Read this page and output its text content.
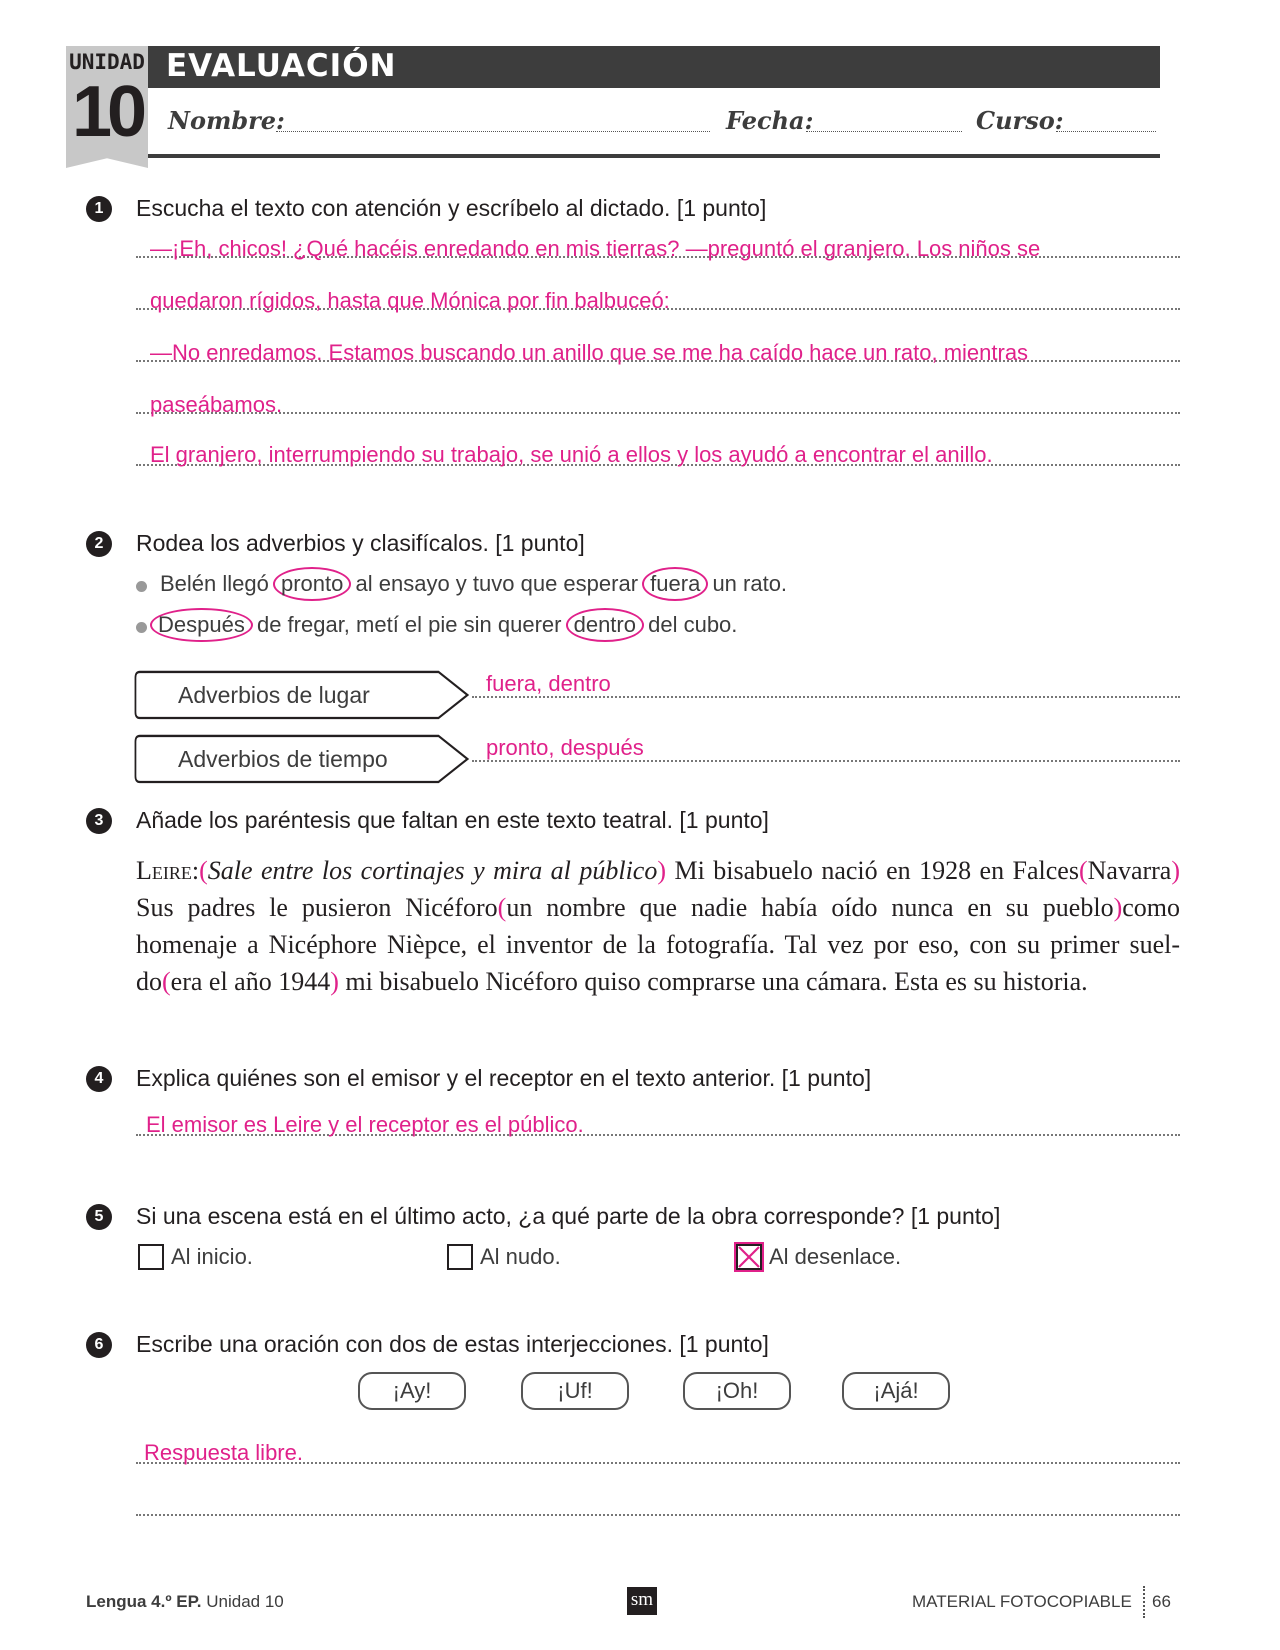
UNIDAD
10
EVALUACIÓN
Nombre:	Fecha:	Curso:
1	Escucha el texto con atención y escríbelo al dictado. [1 punto]
—¡Eh, chicos! ¿Qué hacéis enredando en mis tierras? —preguntó el granjero. Los niños se
quedaron rígidos, hasta que Mónica por fin balbuceó:
—No enredamos. Estamos buscando un anillo que se me ha caído hace un rato, mientras
paseábamos.
El granjero, interrumpiendo su trabajo, se unió a ellos y los ayudó a encontrar el anillo.
2	Rodea los adverbios y clasifícalos. [1 punto]
Belén llegó pronto al ensayo y tuvo que esperar fuera un rato.
Después de fregar, metí el pie sin querer dentro del cubo.
Adverbios de lugar	fuera, dentro
Adverbios de tiempo	pronto, después
3	Añade los paréntesis que faltan en este texto teatral. [1 punto]
Leire:(Sale entre los cortinajes y mira al público) Mi bisabuelo nació en 1928 en Falces(Navarra) Sus padres le pusieron Nicéforo(un nombre que nadie había oído nunca en su pueblo)como homenaje a Nicéphore Nièpce, el inventor de la fotografía. Tal vez por eso, con su primer suel-do(era el año 1944) mi bisabuelo Nicéforo quiso comprarse una cámara. Esta es su historia.
4	Explica quiénes son el emisor y el receptor en el texto anterior. [1 punto]
El emisor es Leire y el receptor es el público.
5	Si una escena está en el último acto, ¿a qué parte de la obra corresponde? [1 punto]
Al inicio.	Al nudo.	Al desenlace.
6	Escribe una oración con dos de estas interjecciones. [1 punto]
¡Ay!	¡Uf!	¡Oh!	¡Ajá!
Respuesta libre.
Lengua 4.º EP. Unidad 10	sm	MATERIAL FOTOCOPIABLE 66
